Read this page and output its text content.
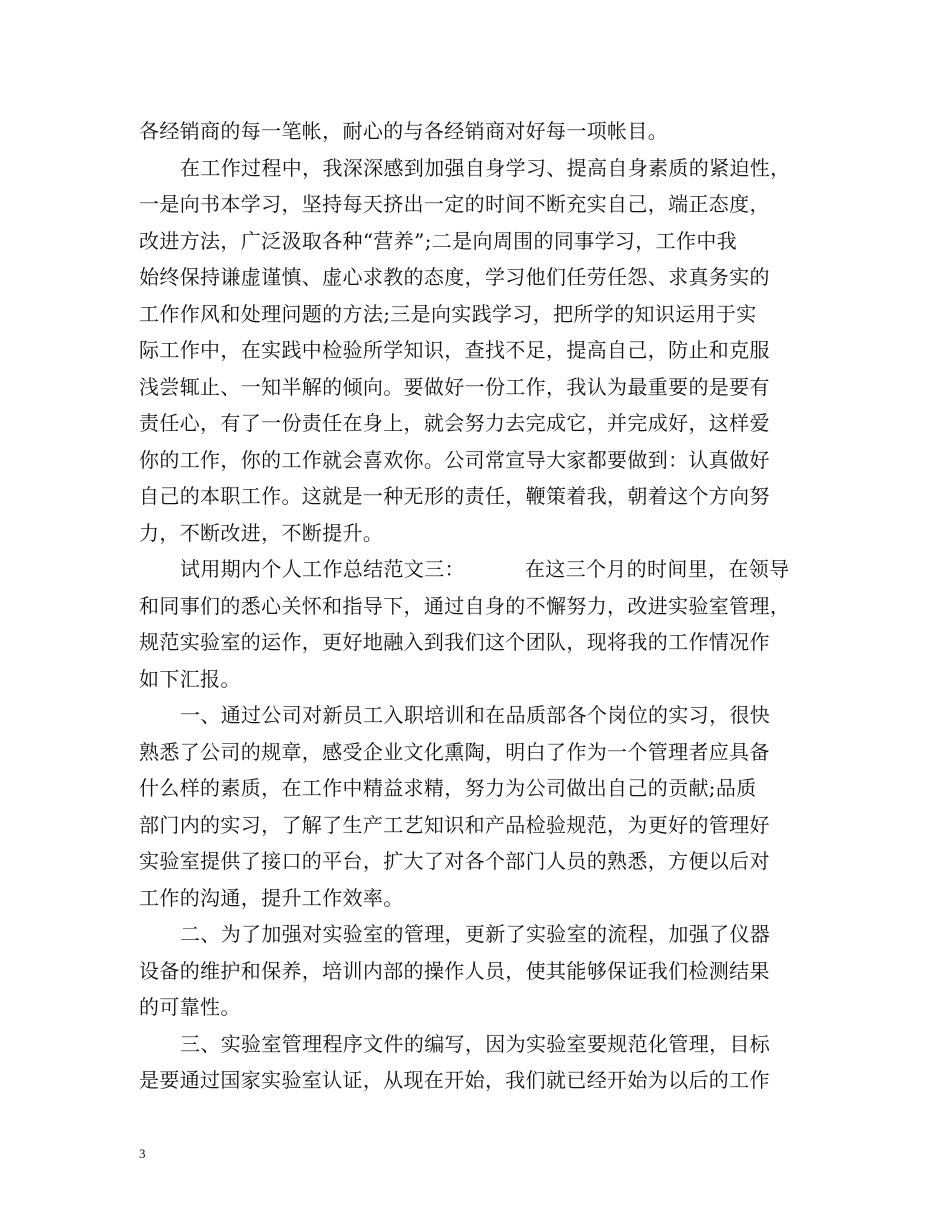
各经销商的每一笔帐，耐心的与各经销商对好每一项帐目。
在工作过程中，我深深感到加强自身学习、提高自身素质的紧迫性，
一是向书本学习，坚持每天挤出一定的时间不断充实自己，端正态度，
改进方法，广泛汲取各种“营养”;二是向周围的同事学习，工作中我
始终保持谦虚谨慎、虚心求教的态度，学习他们任劳任怨、求真务实的
工作作风和处理问题的方法;三是向实践学习，把所学的知识运用于实
际工作中，在实践中检验所学知识，查找不足，提高自己，防止和克服
浅尝辄止、一知半解的倾向。要做好一份工作，我认为最重要的是要有
责任心，有了一份责任在身上，就会努力去完成它，并完成好，这样爱
你的工作，你的工作就会喜欢你。公司常宣导大家都要做到：认真做好
自己的本职工作。这就是一种无形的责任，鞭策着我，朝着这个方向努
力，不断改进，不断提升。
试用期内个人工作总结范文三：	在这三个月的时间里，在领导
和同事们的悉心关怀和指导下，通过自身的不懈努力，改进实验室管理，
规范实验室的运作，更好地融入到我们这个团队，现将我的工作情况作
如下汇报。
一、通过公司对新员工入职培训和在品质部各个岗位的实习，很快
熟悉了公司的规章，感受企业文化熏陶，明白了作为一个管理者应具备
什么样的素质，在工作中精益求精，努力为公司做出自己的贡献;品质
部门内的实习，了解了生产工艺知识和产品检验规范，为更好的管理好
实验室提供了接口的平台，扩大了对各个部门人员的熟悉，方便以后对
工作的沟通，提升工作效率。
二、为了加强对实验室的管理，更新了实验室的流程，加强了仪器
设备的维护和保养，培训内部的操作人员，使其能够保证我们检测结果
的可靠性。
三、实验室管理程序文件的编写，因为实验室要规范化管理，目标
是要通过国家实验室认证，从现在开始，我们就已经开始为以后的工作
3
